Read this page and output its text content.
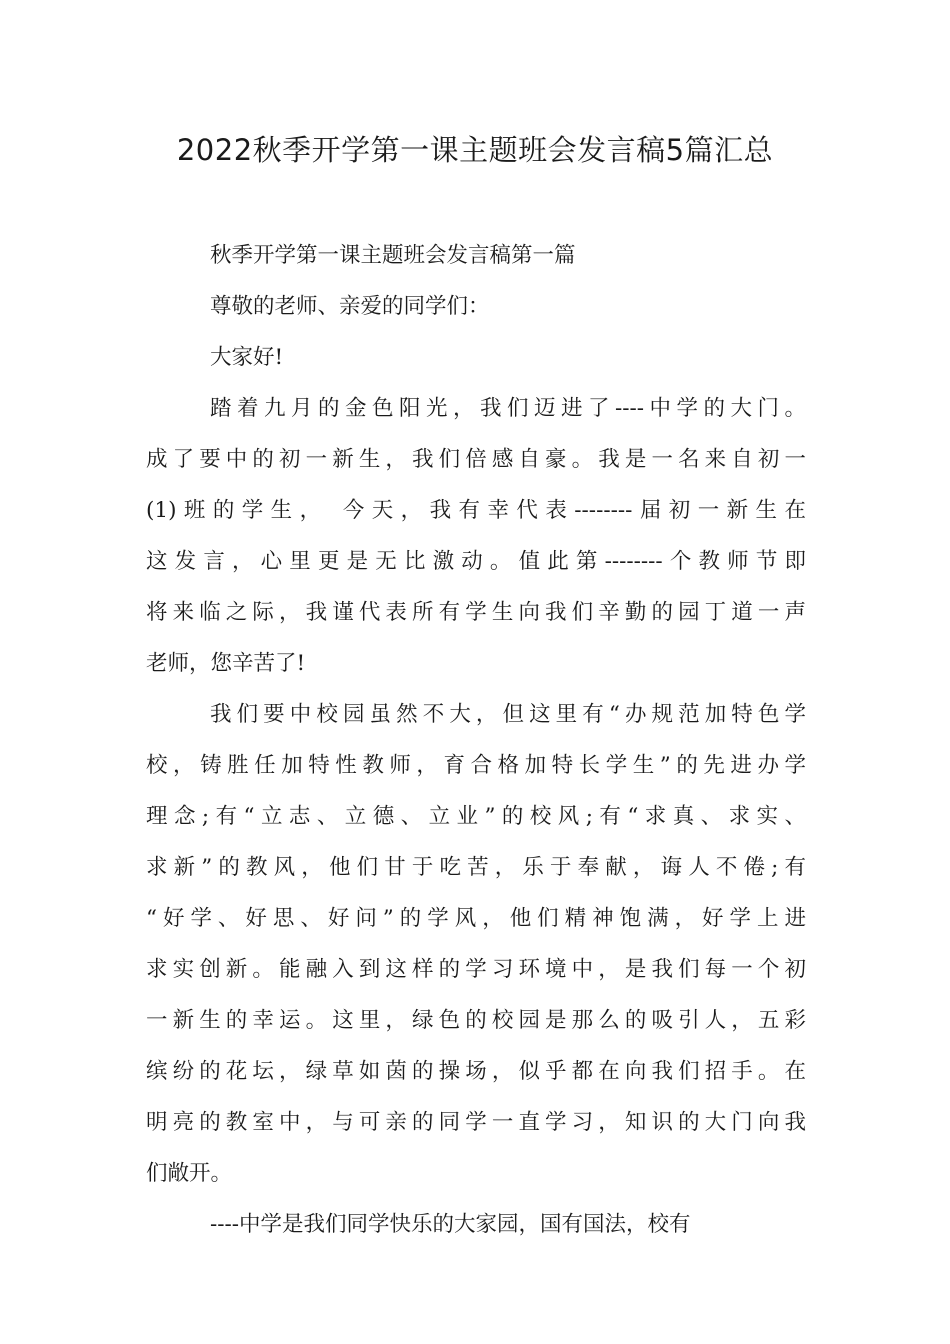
2022秋季开学第一课主题班会发言稿5篇汇总
秋季开学第一课主题班会发言稿第一篇
尊敬的老师、亲爱的同学们：
大家好!
踏着九月的金色阳光，我们迈进了----中学的大门。
成了要中的初一新生，我们倍感自豪。我是一名来自初一
(1)班的学生， 今天，我有幸代表--------届初一新生在
这发言，心里更是无比激动。值此第--------个教师节即
将来临之际，我谨代表所有学生向我们辛勤的园丁道一声
老师，您辛苦了!
我们要中校园虽然不大，但这里有“办规范加特色学
校，铸胜任加特性教师，育合格加特长学生”的先进办学
理念;有“立志、立德、立业”的校风;有“求真、求实、
求新”的教风，他们甘于吃苦，乐于奉献，诲人不倦;有
“好学、好思、好问”的学风，他们精神饱满，好学上进
求实创新。能融入到这样的学习环境中，是我们每一个初
一新生的幸运。这里，绿色的校园是那么的吸引人，五彩
缤纷的花坛，绿草如茵的操场，似乎都在向我们招手。在
明亮的教室中，与可亲的同学一直学习，知识的大门向我
们敞开。
----中学是我们同学快乐的大家园，国有国法，校有
